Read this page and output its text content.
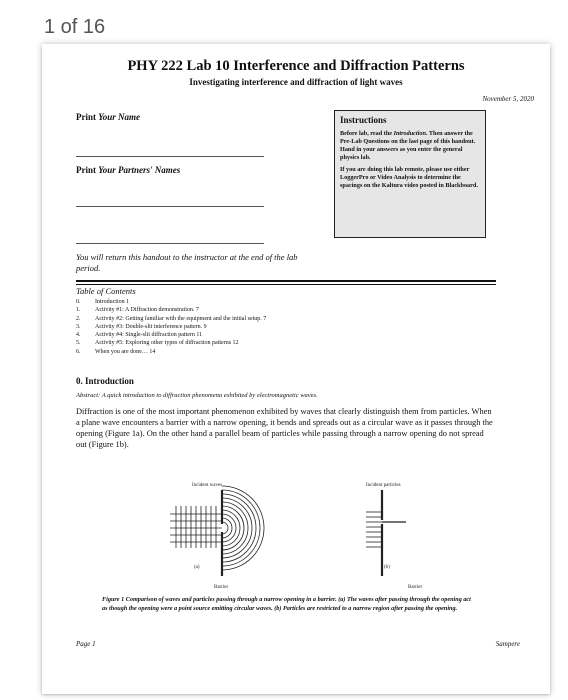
1 of 16
PHY 222 Lab 10 Interference and Diffraction Patterns
Investigating interference and diffraction of light waves
November 5, 2020
Print Your Name
Print Your Partners' Names
Instructions
Before lab, read the Introduction. Then answer the Pre-Lab Questions on the last page of this handout. Hand in your answers as you enter the general physics lab.
If you are doing this lab remote, please use either LoggerPro or Video Analysis to determine the spacings on the Kaltura video posted in Blackboard.
You will return this handout to the instructor at the end of the lab period.
Table of Contents
0.	Introduction 1
1.	Activity #1: A Diffraction demonstration. 7
2.	Activity #2: Getting familiar with the equipment and the initial setup. 7
3.	Activity #3: Double-slit interference pattern. 9
4.	Activity #4: Single-slit diffraction pattern 11
5.	Activity #5: Exploring other types of diffraction patterns 12
6.	When you are done… 14
0. Introduction
Abstract: A quick introduction to diffraction phenomena exhibited by electromagnetic waves.
Diffraction is one of the most important phenomenon exhibited by waves that clearly distinguish them from particles. When a plane wave encounters a barrier with a narrow opening, it bends and spreads out as a circular wave as it passes through the opening (Figure 1a). On the other hand a parallel beam of particles while passing through a narrow opening do not spread out (Figure 1b).
Incident waves
(a)
Barrier
Incident particles
(b)
Barrier
Figure 1 Comparison of waves and particles passing through a narrow opening in a barrier. (a) The waves after passing through the opening act as though the opening were a point source emitting circular waves. (b) Particles are restricted to a narrow region after passing the opening.
Page 1	Sampere
